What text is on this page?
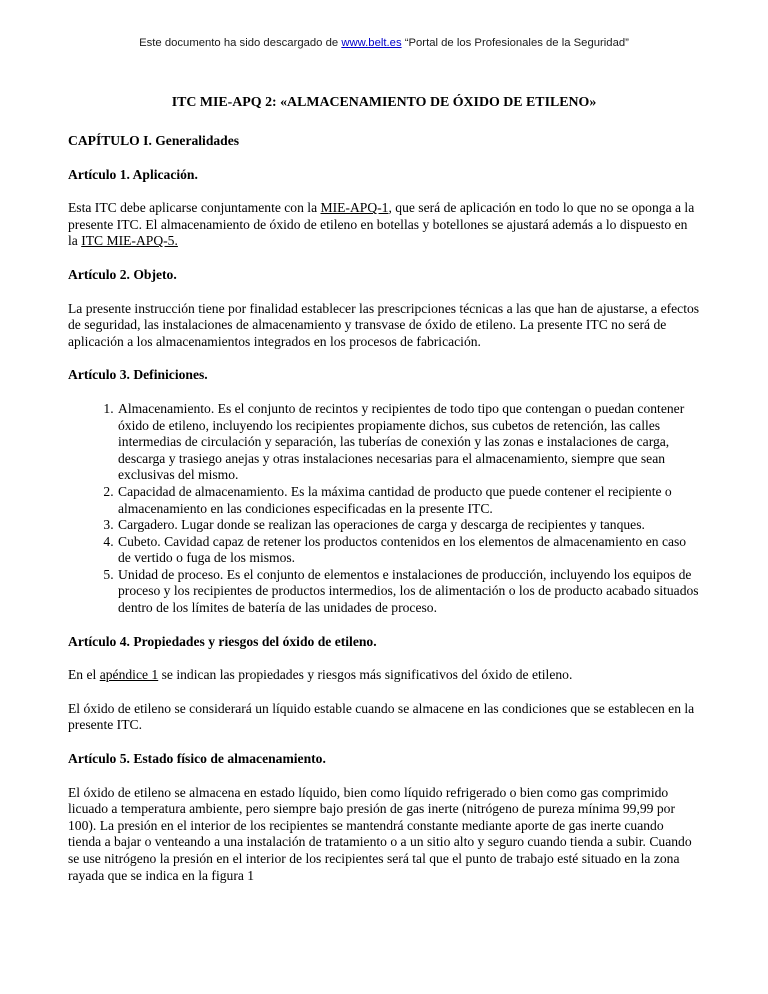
Este documento ha sido descargado de www.belt.es “Portal de los Profesionales de la Seguridad”
ITC MIE-APQ 2: «ALMACENAMIENTO DE ÓXIDO DE ETILENO»
CAPÍTULO I. Generalidades
Artículo 1. Aplicación.

Esta ITC debe aplicarse conjuntamente con la MIE-APQ-1, que será de aplicación en todo lo que no se oponga a la presente ITC. El almacenamiento de óxido de etileno en botellas y botellones se ajustará además a lo dispuesto en la ITC MIE-APQ-5.

Artículo 2. Objeto.

La presente instrucción tiene por finalidad establecer las prescripciones técnicas a las que han de ajustarse, a efectos de seguridad, las instalaciones de almacenamiento y transvase de óxido de etileno. La presente ITC no será de aplicación a los almacenamientos integrados en los procesos de fabricación.

Artículo 3. Definiciones.
1. Almacenamiento. Es el conjunto de recintos y recipientes de todo tipo que contengan o puedan contener óxido de etileno, incluyendo los recipientes propiamente dichos, sus cubetos de retención, las calles intermedias de circulación y separación, las tuberías de conexión y las zonas e instalaciones de carga, descarga y trasiego anejas y otras instalaciones necesarias para el almacenamiento, siempre que sean exclusivas del mismo.
2. Capacidad de almacenamiento. Es la máxima cantidad de producto que puede contener el recipiente o almacenamiento en las condiciones especificadas en la presente ITC.
3. Cargadero. Lugar donde se realizan las operaciones de carga y descarga de recipientes y tanques.
4. Cubeto. Cavidad capaz de retener los productos contenidos en los elementos de almacenamiento en caso de vertido o fuga de los mismos.
5. Unidad de proceso. Es el conjunto de elementos e instalaciones de producción, incluyendo los equipos de proceso y los recipientes de productos intermedios, los de alimentación o los de producto acabado situados dentro de los límites de batería de las unidades de proceso.
Artículo 4. Propiedades y riesgos del óxido de etileno.

En el apéndice 1 se indican las propiedades y riesgos más significativos del óxido de etileno.

El óxido de etileno se considerará un líquido estable cuando se almacene en las condiciones que se establecen en la presente ITC.

Artículo 5. Estado físico de almacenamiento.

El óxido de etileno se almacena en estado líquido, bien como líquido refrigerado o bien como gas comprimido licuado a temperatura ambiente, pero siempre bajo presión de gas inerte (nitrógeno de pureza mínima 99,99 por 100). La presión en el interior de los recipientes se mantendrá constante mediante aporte de gas inerte cuando tienda a bajar o venteando a una instalación de tratamiento o a un sitio alto y seguro cuando tienda a subir. Cuando se use nitrógeno la presión en el interior de los recipientes será tal que el punto de trabajo esté situado en la zona rayada que se indica en la figura 1
